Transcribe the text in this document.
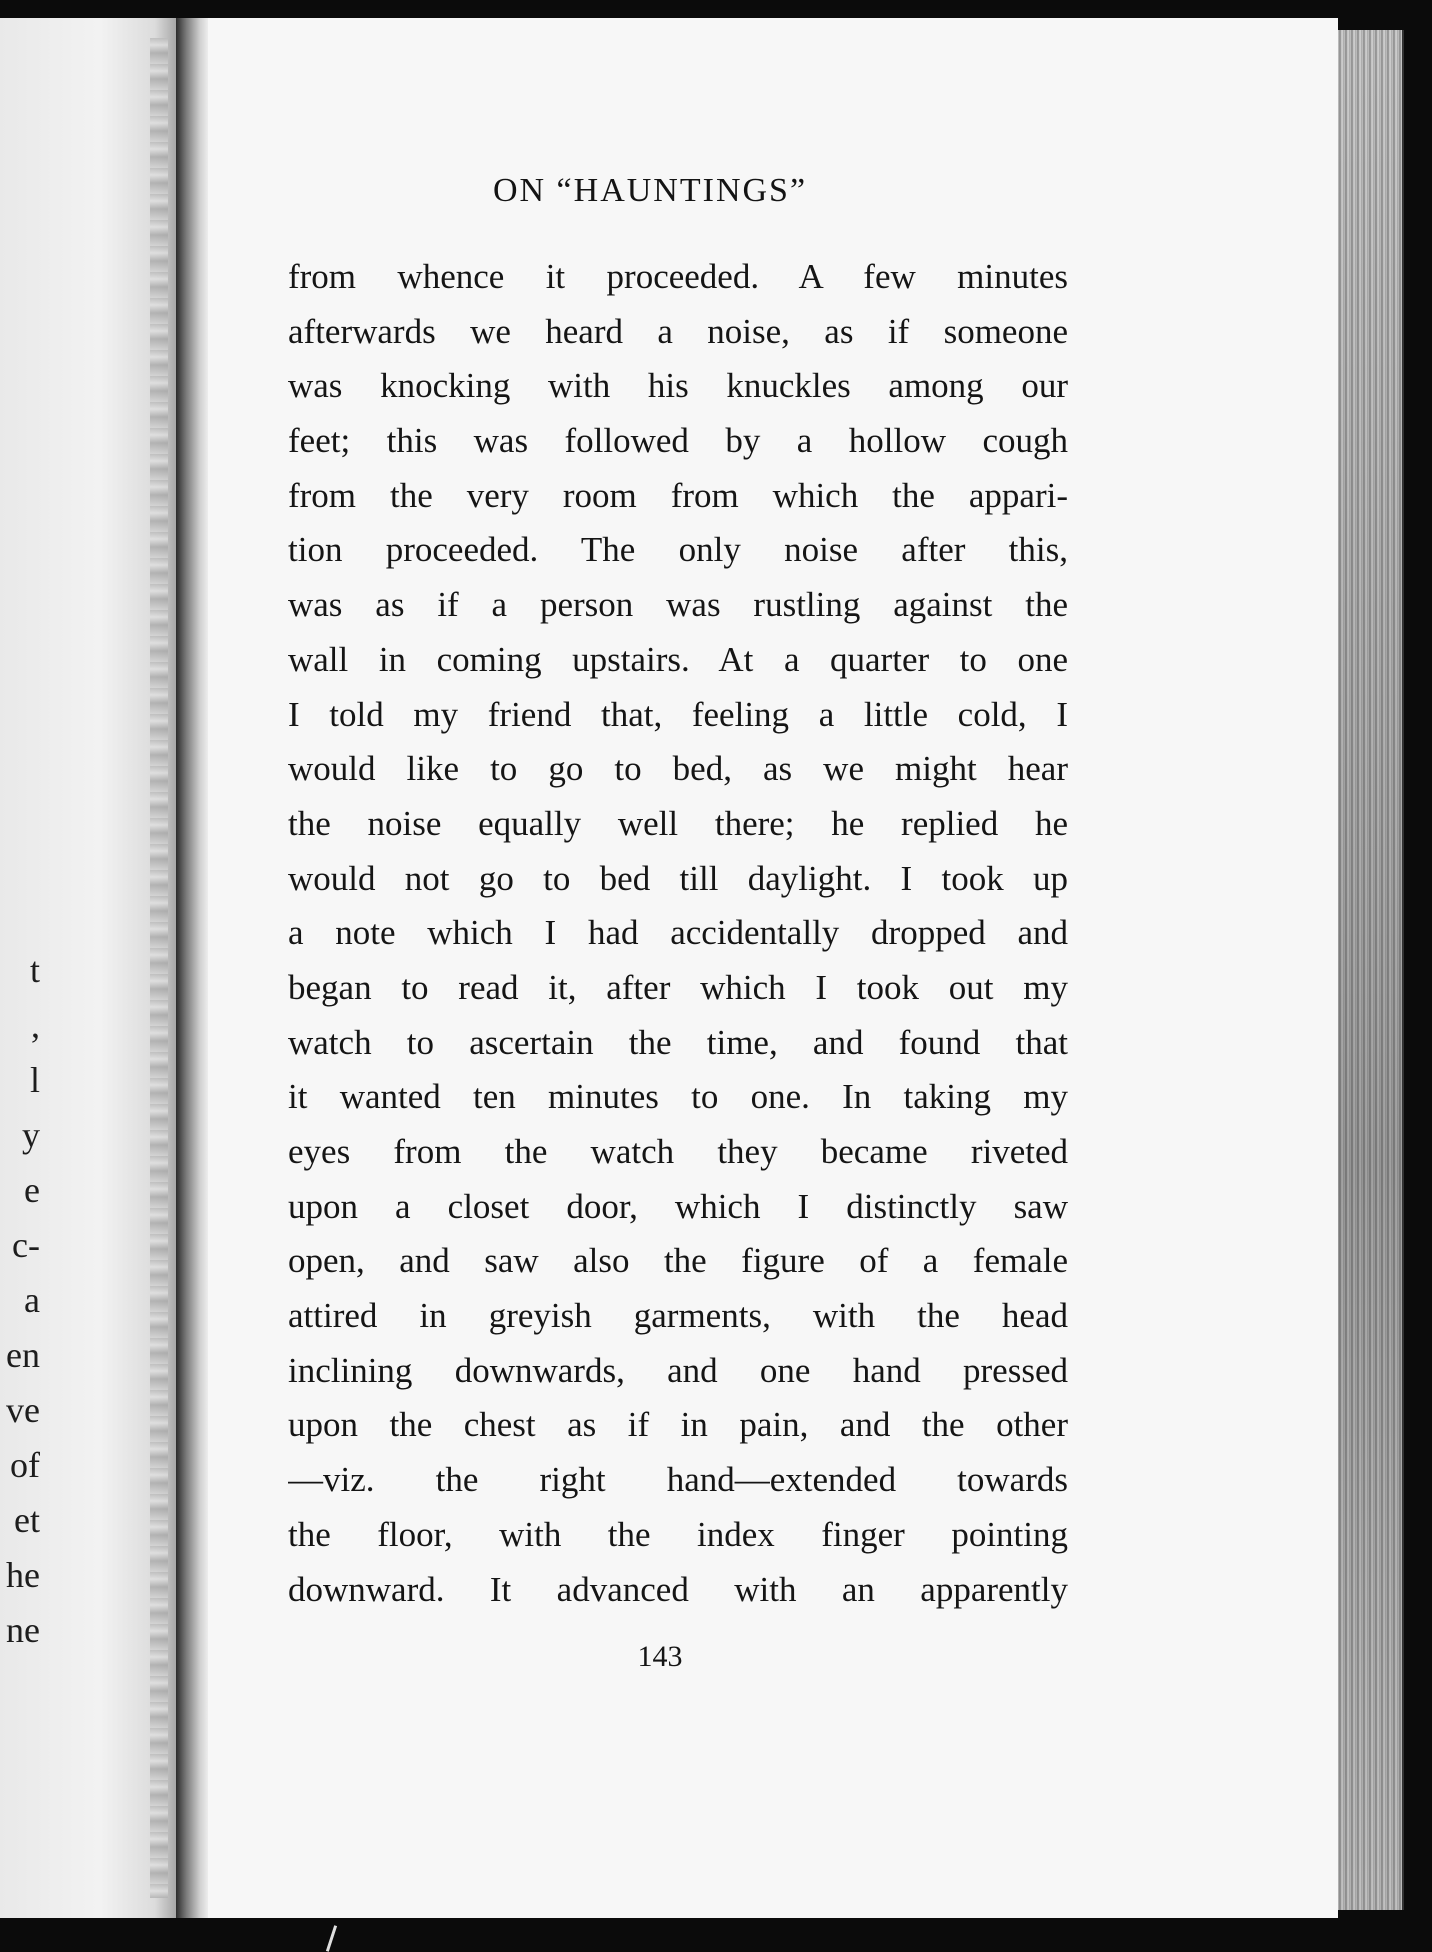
t
,
l
y
e
c-
a
en
ve
of
et
he
ne
ON “HAUNTINGS”
from whence it proceeded. A few minutes
afterwards we heard a noise, as if someone
was knocking with his knuckles among our
feet; this was followed by a hollow cough
from the very room from which the appari-
tion proceeded. The only noise after this,
was as if a person was rustling against the
wall in coming upstairs. At a quarter to one
I told my friend that, feeling a little cold, I
would like to go to bed, as we might hear
the noise equally well there; he replied he
would not go to bed till daylight. I took up
a note which I had accidentally dropped and
began to read it, after which I took out my
watch to ascertain the time, and found that
it wanted ten minutes to one. In taking my
eyes from the watch they became riveted
upon a closet door, which I distinctly saw
open, and saw also the figure of a female
attired in greyish garments, with the head
inclining downwards, and one hand pressed
upon the chest as if in pain, and the other
—viz. the right hand—extended towards
the floor, with the index finger pointing
downward. It advanced with an apparently

143
